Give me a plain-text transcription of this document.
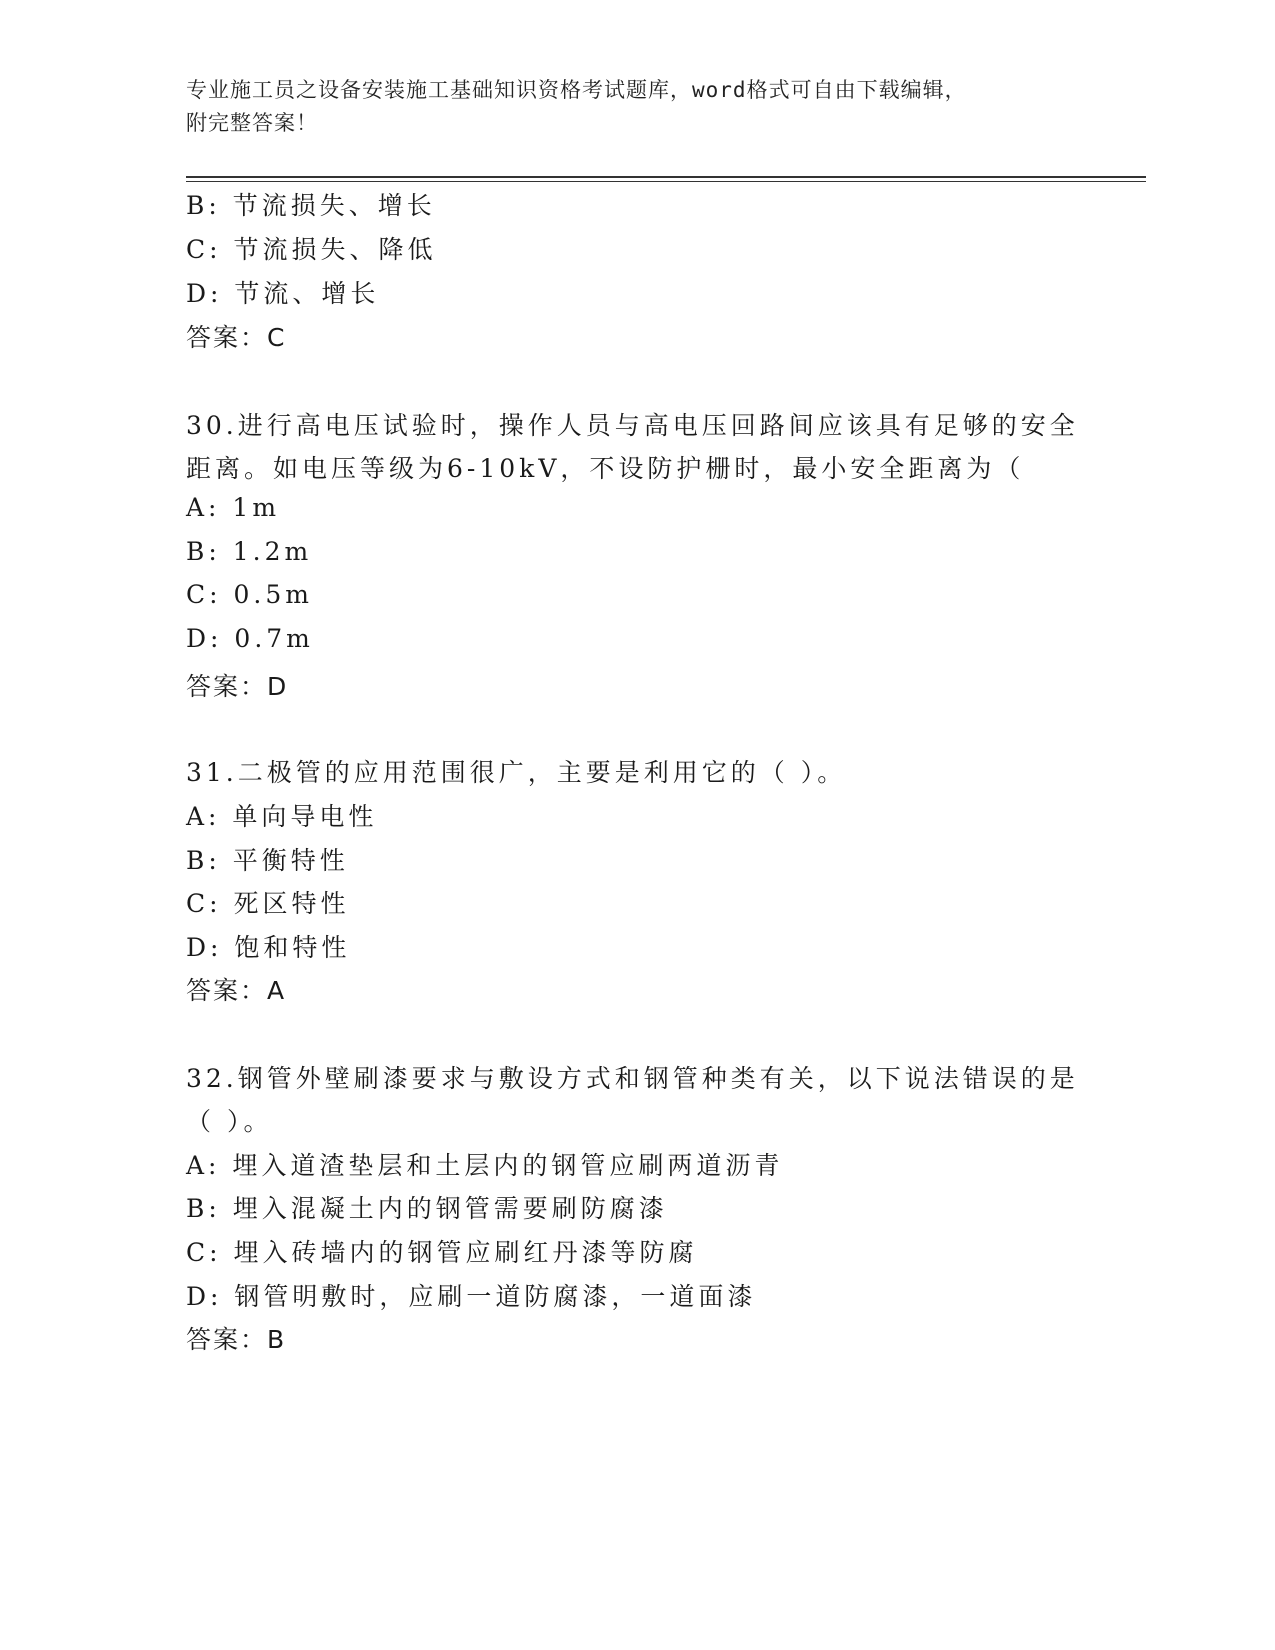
专业施工员之设备安装施工基础知识资格考试题库，word格式可自由下载编辑，
附完整答案！
B: 节流损失、增长
C: 节流损失、降低
D: 节流、增长
答案：C
30.进行高电压试验时，操作人员与高电压回路间应该具有足够的安全
距离。如电压等级为6-10kV，不设防护栅时，最小安全距离为（
A: 1m
B: 1.2m
C: 0.5m
D: 0.7m
答案：D
31.二极管的应用范围很广，主要是利用它的（ ）。
A: 单向导电性
B: 平衡特性
C: 死区特性
D: 饱和特性
答案：A
32.钢管外壁刷漆要求与敷设方式和钢管种类有关，以下说法错误的是
（ ）。
A: 埋入道渣垫层和土层内的钢管应刷两道沥青
B: 埋入混凝土内的钢管需要刷防腐漆
C: 埋入砖墙内的钢管应刷红丹漆等防腐
D: 钢管明敷时，应刷一道防腐漆，一道面漆
答案：B
